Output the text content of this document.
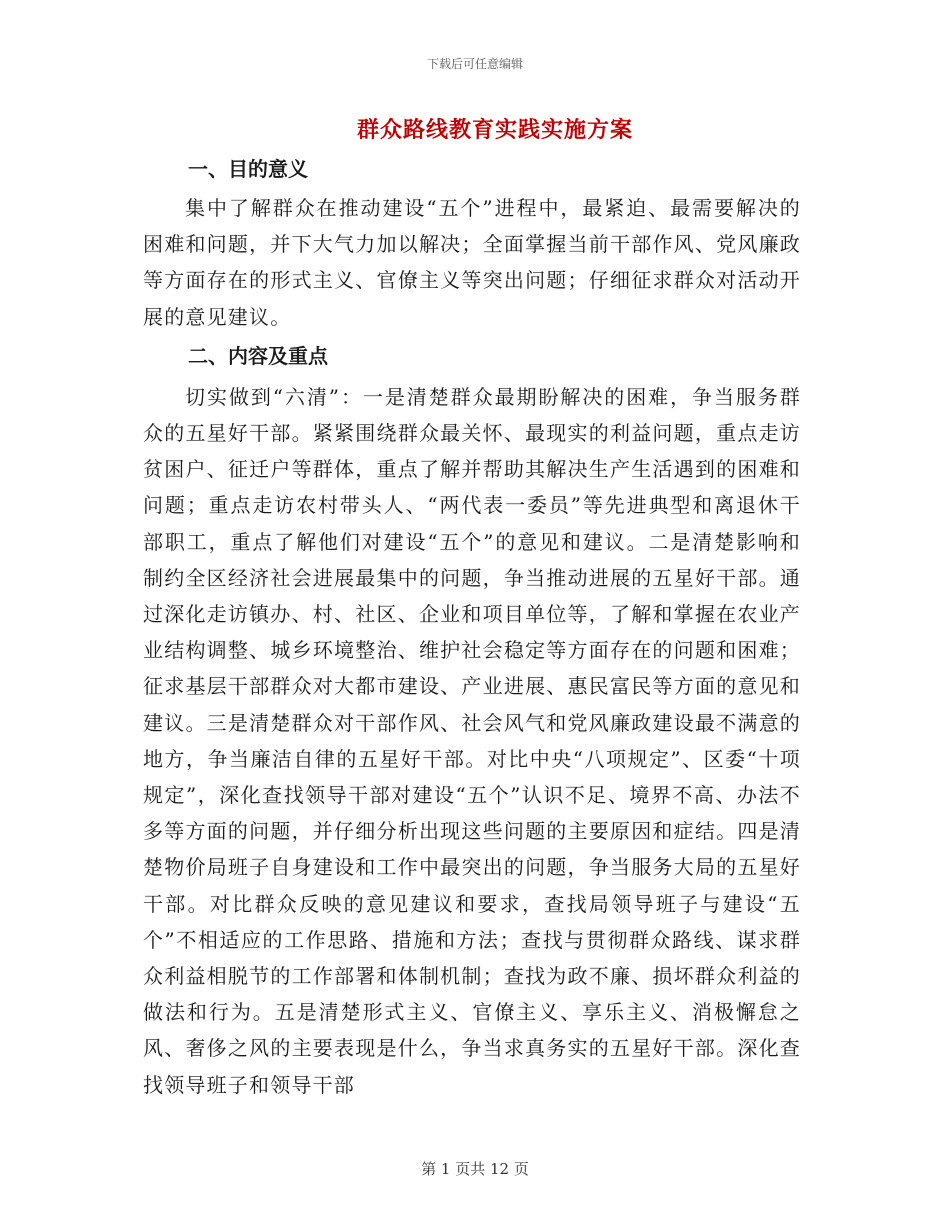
下载后可任意编辑
群众路线教育实践实施方案

一、目的意义

集中了解群众在推动建设“五个”进程中，最紧迫、最需要解决的困难和问题，并下大气力加以解决；全面掌握当前干部作风、党风廉政等方面存在的形式主义、官僚主义等突出问题；仔细征求群众对活动开展的意见建议。

二、内容及重点

切实做到“六清”：一是清楚群众最期盼解决的困难，争当服务群众的五星好干部。紧紧围绕群众最关怀、最现实的利益问题，重点走访贫困户、征迁户等群体，重点了解并帮助其解决生产生活遇到的困难和问题；重点走访农村带头人、“两代表一委员”等先进典型和离退休干部职工，重点了解他们对建设“五个”的意见和建议。二是清楚影响和制约全区经济社会进展最集中的问题，争当推动进展的五星好干部。通过深化走访镇办、村、社区、企业和项目单位等，了解和掌握在农业产业结构调整、城乡环境整治、维护社会稳定等方面存在的问题和困难；征求基层干部群众对大都市建设、产业进展、惠民富民等方面的意见和建议。三是清楚群众对干部作风、社会风气和党风廉政建设最不满意的地方，争当廉洁自律的五星好干部。对比中央“八项规定”、区委“十项规定”，深化查找领导干部对建设“五个”认识不足、境界不高、办法不多等方面的问题，并仔细分析出现这些问题的主要原因和症结。四是清楚物价局班子自身建设和工作中最突出的问题，争当服务大局的五星好干部。对比群众反映的意见建议和要求，查找局领导班子与建设“五个”不相适应的工作思路、措施和方法；查找与贯彻群众路线、谋求群众利益相脱节的工作部署和体制机制；查找为政不廉、损坏群众利益的做法和行为。五是清楚形式主义、官僚主义、享乐主义、消极懈怠之风、奢侈之风的主要表现是什么，争当求真务实的五星好干部。深化查找领导班子和领导干部

第 1 页共 12 页
